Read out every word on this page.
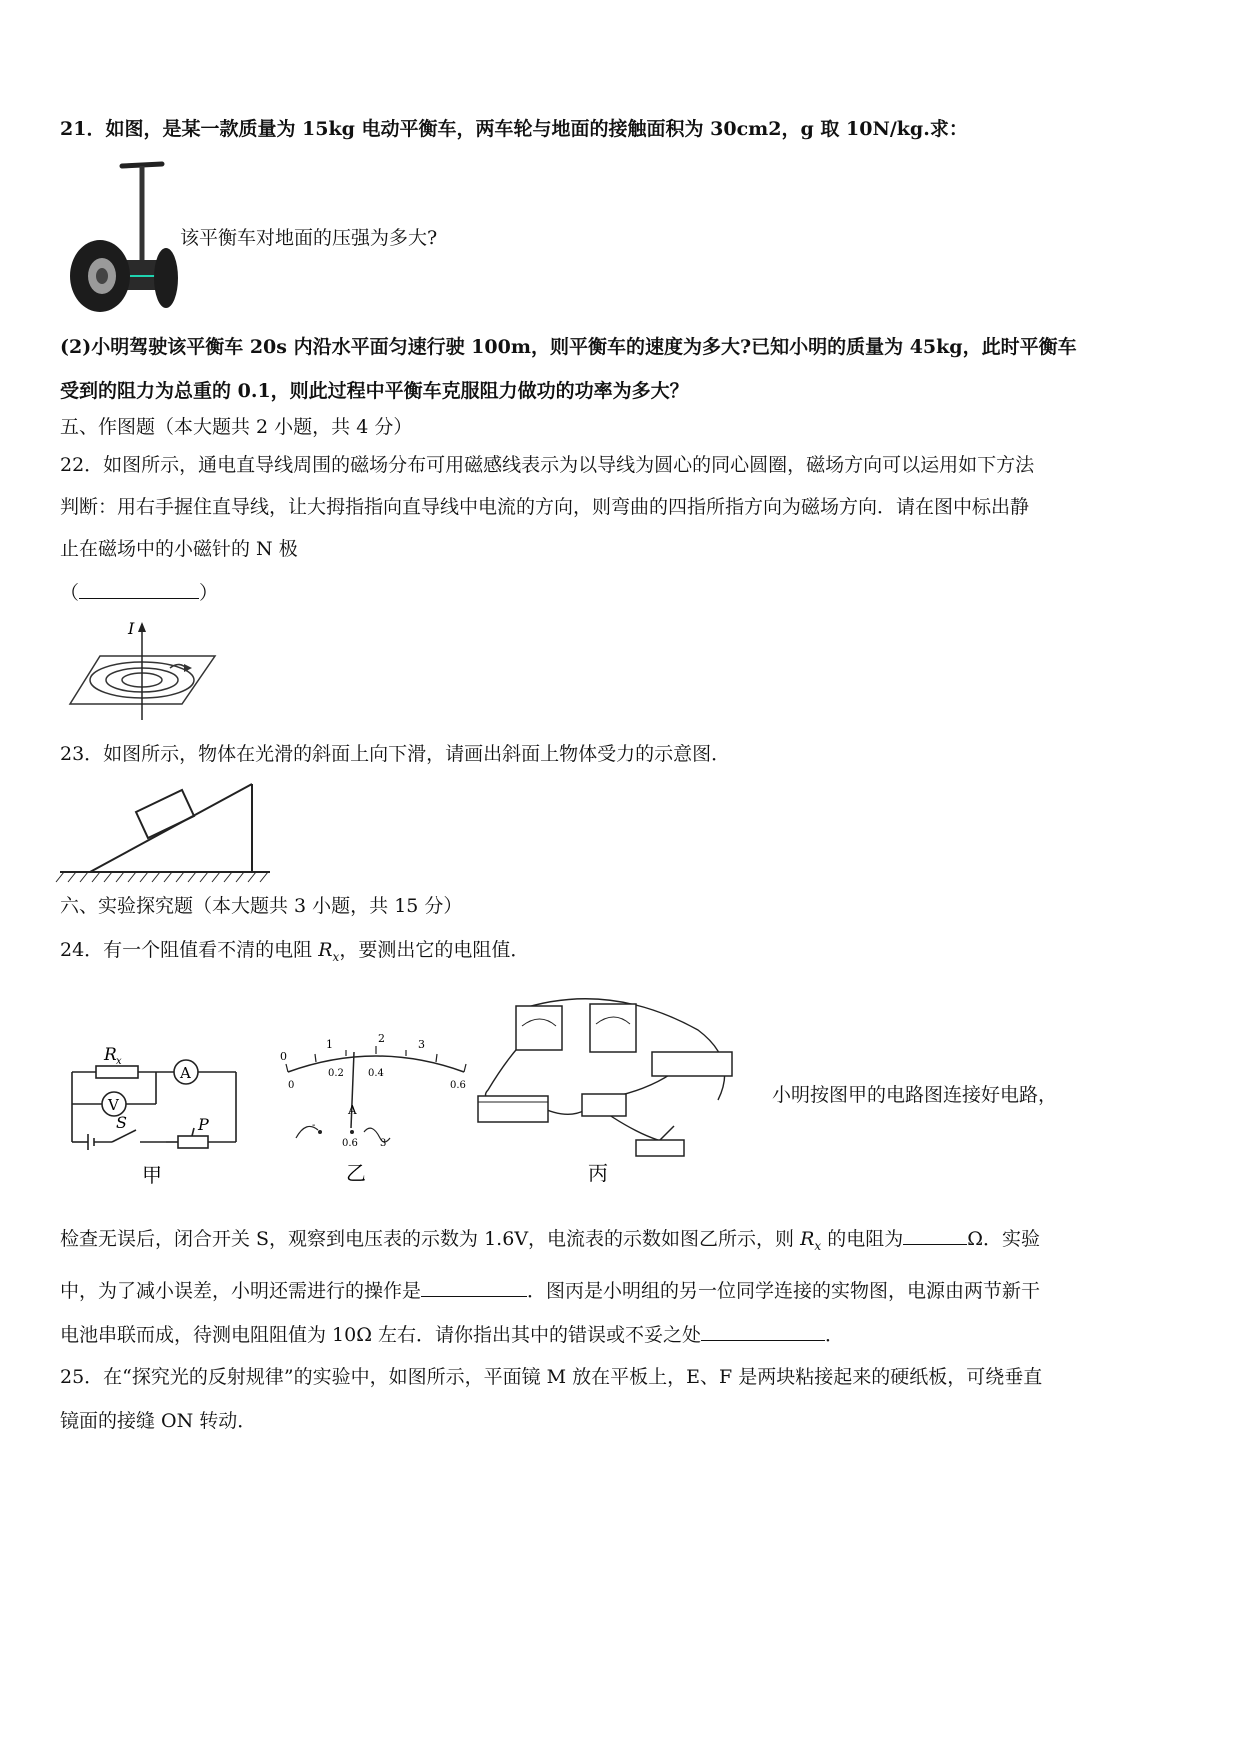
21．如图，是某一款质量为 15kg 电动平衡车，两车轮与地面的接触面积为 30cm2，g 取 10N/kg.求：
该平衡车对地面的压强为多大?
(2)小明驾驶该平衡车 20s 内沿水平面匀速行驶 100m，则平衡车的速度为多大?已知小明的质量为 45kg，此时平衡车
受到的阻力为总重的 0.1，则此过程中平衡车克服阻力做功的功率为多大？
五、作图题（本大题共 2 小题，共 4 分）
22．如图所示，通电直导线周围的磁场分布可用磁感线表示为以导线为圆心的同心圆圈，磁场方向可以运用如下方法
判断：用右手握住直导线，让大拇指指向直导线中电流的方向，则弯曲的四指所指方向为磁场方向．请在图中标出静
止在磁场中的小磁针的 N 极
（	）
I
23．如图所示，物体在光滑的斜面上向下滑，请画出斜面上物体受力的示意图．
六、实验探究题（本大题共 3 小题，共 15 分）
24．有一个阻值看不清的电阻 $R_x$，要测出它的电阻值．
R x
A
V
S	P
甲
0
1	2	3
0
0.2 0.4
0.6
A
-
0.6 3
乙	丙
小明按图甲的电路图连接好电路，
检查无误后，闭合开关 S，观察到电压表的示数为 1.6V，电流表的示数如图乙所示，则 $R_x$ 的电阻为	Ω．实验
中，为了减小误差，小明还需进行的操作是	．图丙是小明组的另一位同学连接的实物图，电源由两节新干
电池串联而成，待测电阻阻值为 10Ω 左右．请你指出其中的错误或不妥之处	．
25．在“探究光的反射规律”的实验中，如图所示，平面镜 M 放在平板上，E、F 是两块粘接起来的硬纸板，可绕垂直
镜面的接缝 ON 转动．
